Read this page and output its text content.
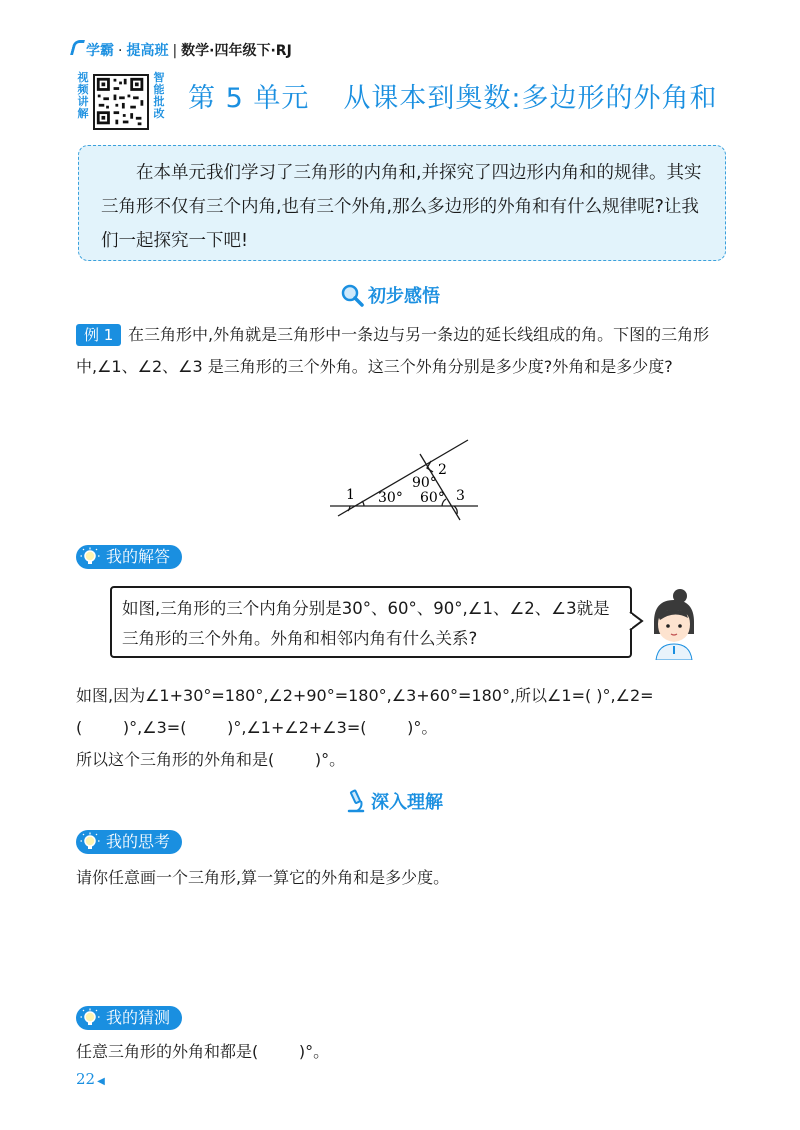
学霸 · 提高班 | 数学·四年级下·RJ
视频讲解
智能批改 第 5 单元 从课本到奥数:多边形的外角和
在本单元我们学习了三角形的内角和,并探究了四边形内角和的规律。其实三角形不仅有三个内角,也有三个外角,那么多边形的外角和有什么规律呢?让我们一起探究一下吧!
初步感悟
例 1 在三角形中,外角就是三角形中一条边与另一条边的延长线组成的角。下图的三角形中,∠1、∠2、∠3 是三角形的三个外角。这三个外角分别是多少度?外角和是多少度?
1
2
3
30° 60°
90°
我的解答
如图,三角形的三个内角分别是30°、60°、90°,∠1、∠2、∠3就是三角形的三个外角。外角和相邻内角有什么关系?
如图,因为∠1+30°=180°,∠2+90°=180°,∠3+60°=180°,所以∠1=( )°,∠2=
(        )°,∠3=(        )°,∠1+∠2+∠3=(        )°。
所以这个三角形的外角和是(        )°。
深入理解
我的思考
请你任意画一个三角形,算一算它的外角和是多少度。
我的猜测
任意三角形的外角和都是(        )°。
22 ◀
